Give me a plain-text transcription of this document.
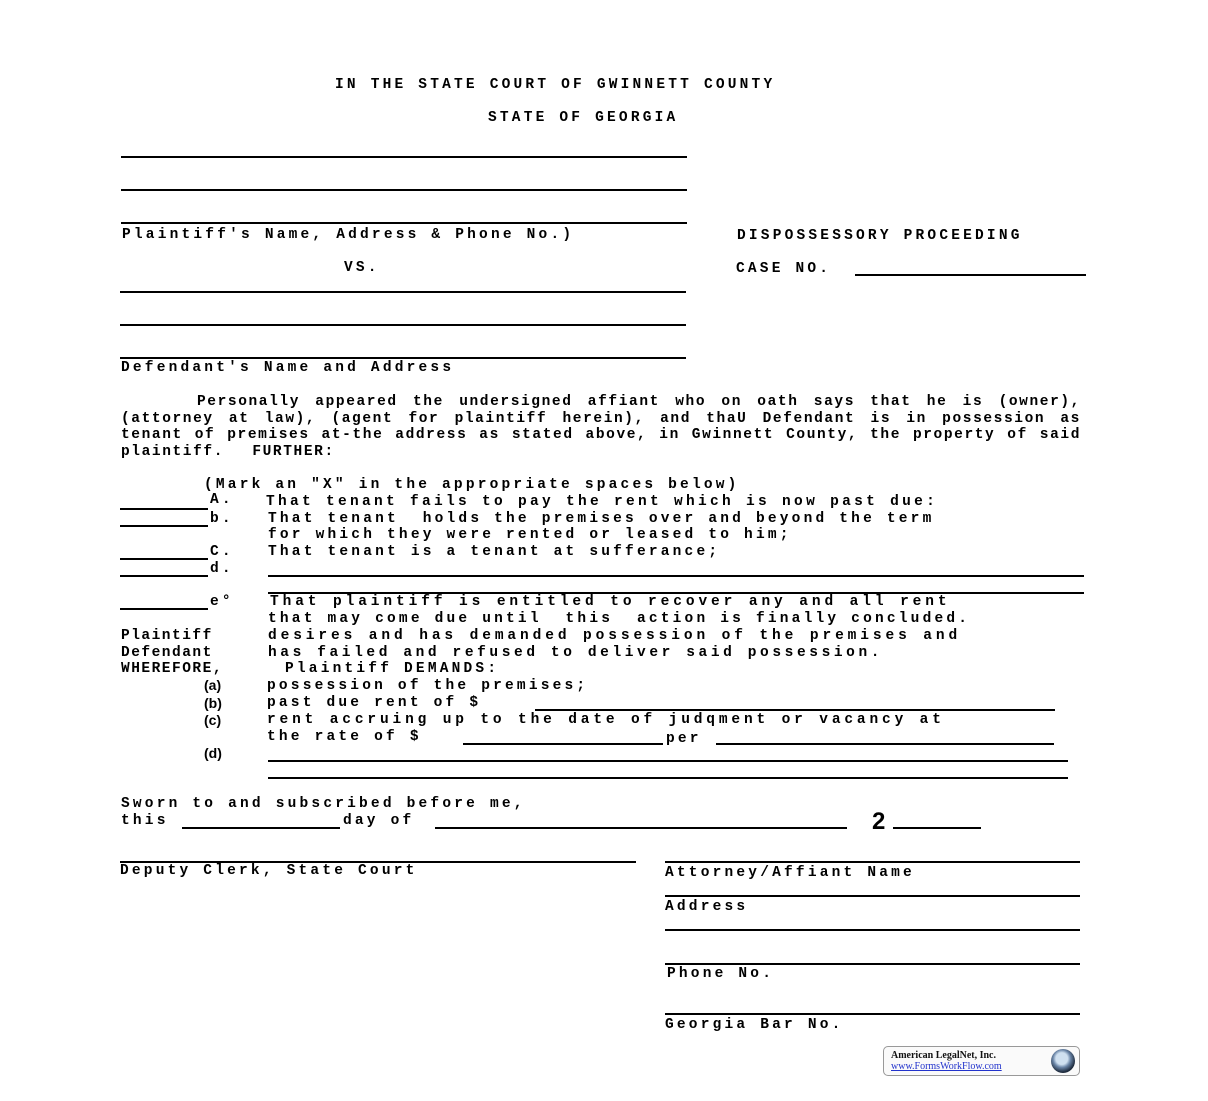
IN THE STATE COURT OF GWINNETT COUNTY
STATE OF GEORGIA
Plaintiff's Name, Address & Phone No.)	DISPOSSESSORY PROCEEDING
VS.	CASE NO.
Defendant's Name and Address
Personally appeared the undersigned affiant who on oath says that he is (owner), (attorney at law), (agent for plaintiff herein), and thaU Defendant is in possession as tenant of premises at-the address as stated above, in Gwinnett County, the property of said plaintiff. FURTHER:
(Mark an "X" in the appropriate spaces below)
A. That tenant fails to pay the rent which is now past due:
b. That tenant  holds the premises over and beyond the term
for which they were rented or leased to him;
C. That tenant is a tenant at sufferance;
d.
e° That plaintiff is entitled to recover any and all rent
that may come due until  this  action is finally concluded.
Plaintiff	desires and has demanded possession of the premises and
Defendant	has failed and refused to deliver said possession.
WHEREFORE,	Plaintiff DEMANDS:
(a)	possession of the premises;
(b)	past due rent of $
(c)	rent accruing up to the date of judqment or vacancy at
the rate of $	per
(d)
Sworn to and subscribed before me,
this	day of	2
Deputy Clerk, State Court	Attorney/Affiant Name
Address
Phone No.
Georgia Bar No.
American LegalNet, Inc.
www.FormsWorkFlow.com
